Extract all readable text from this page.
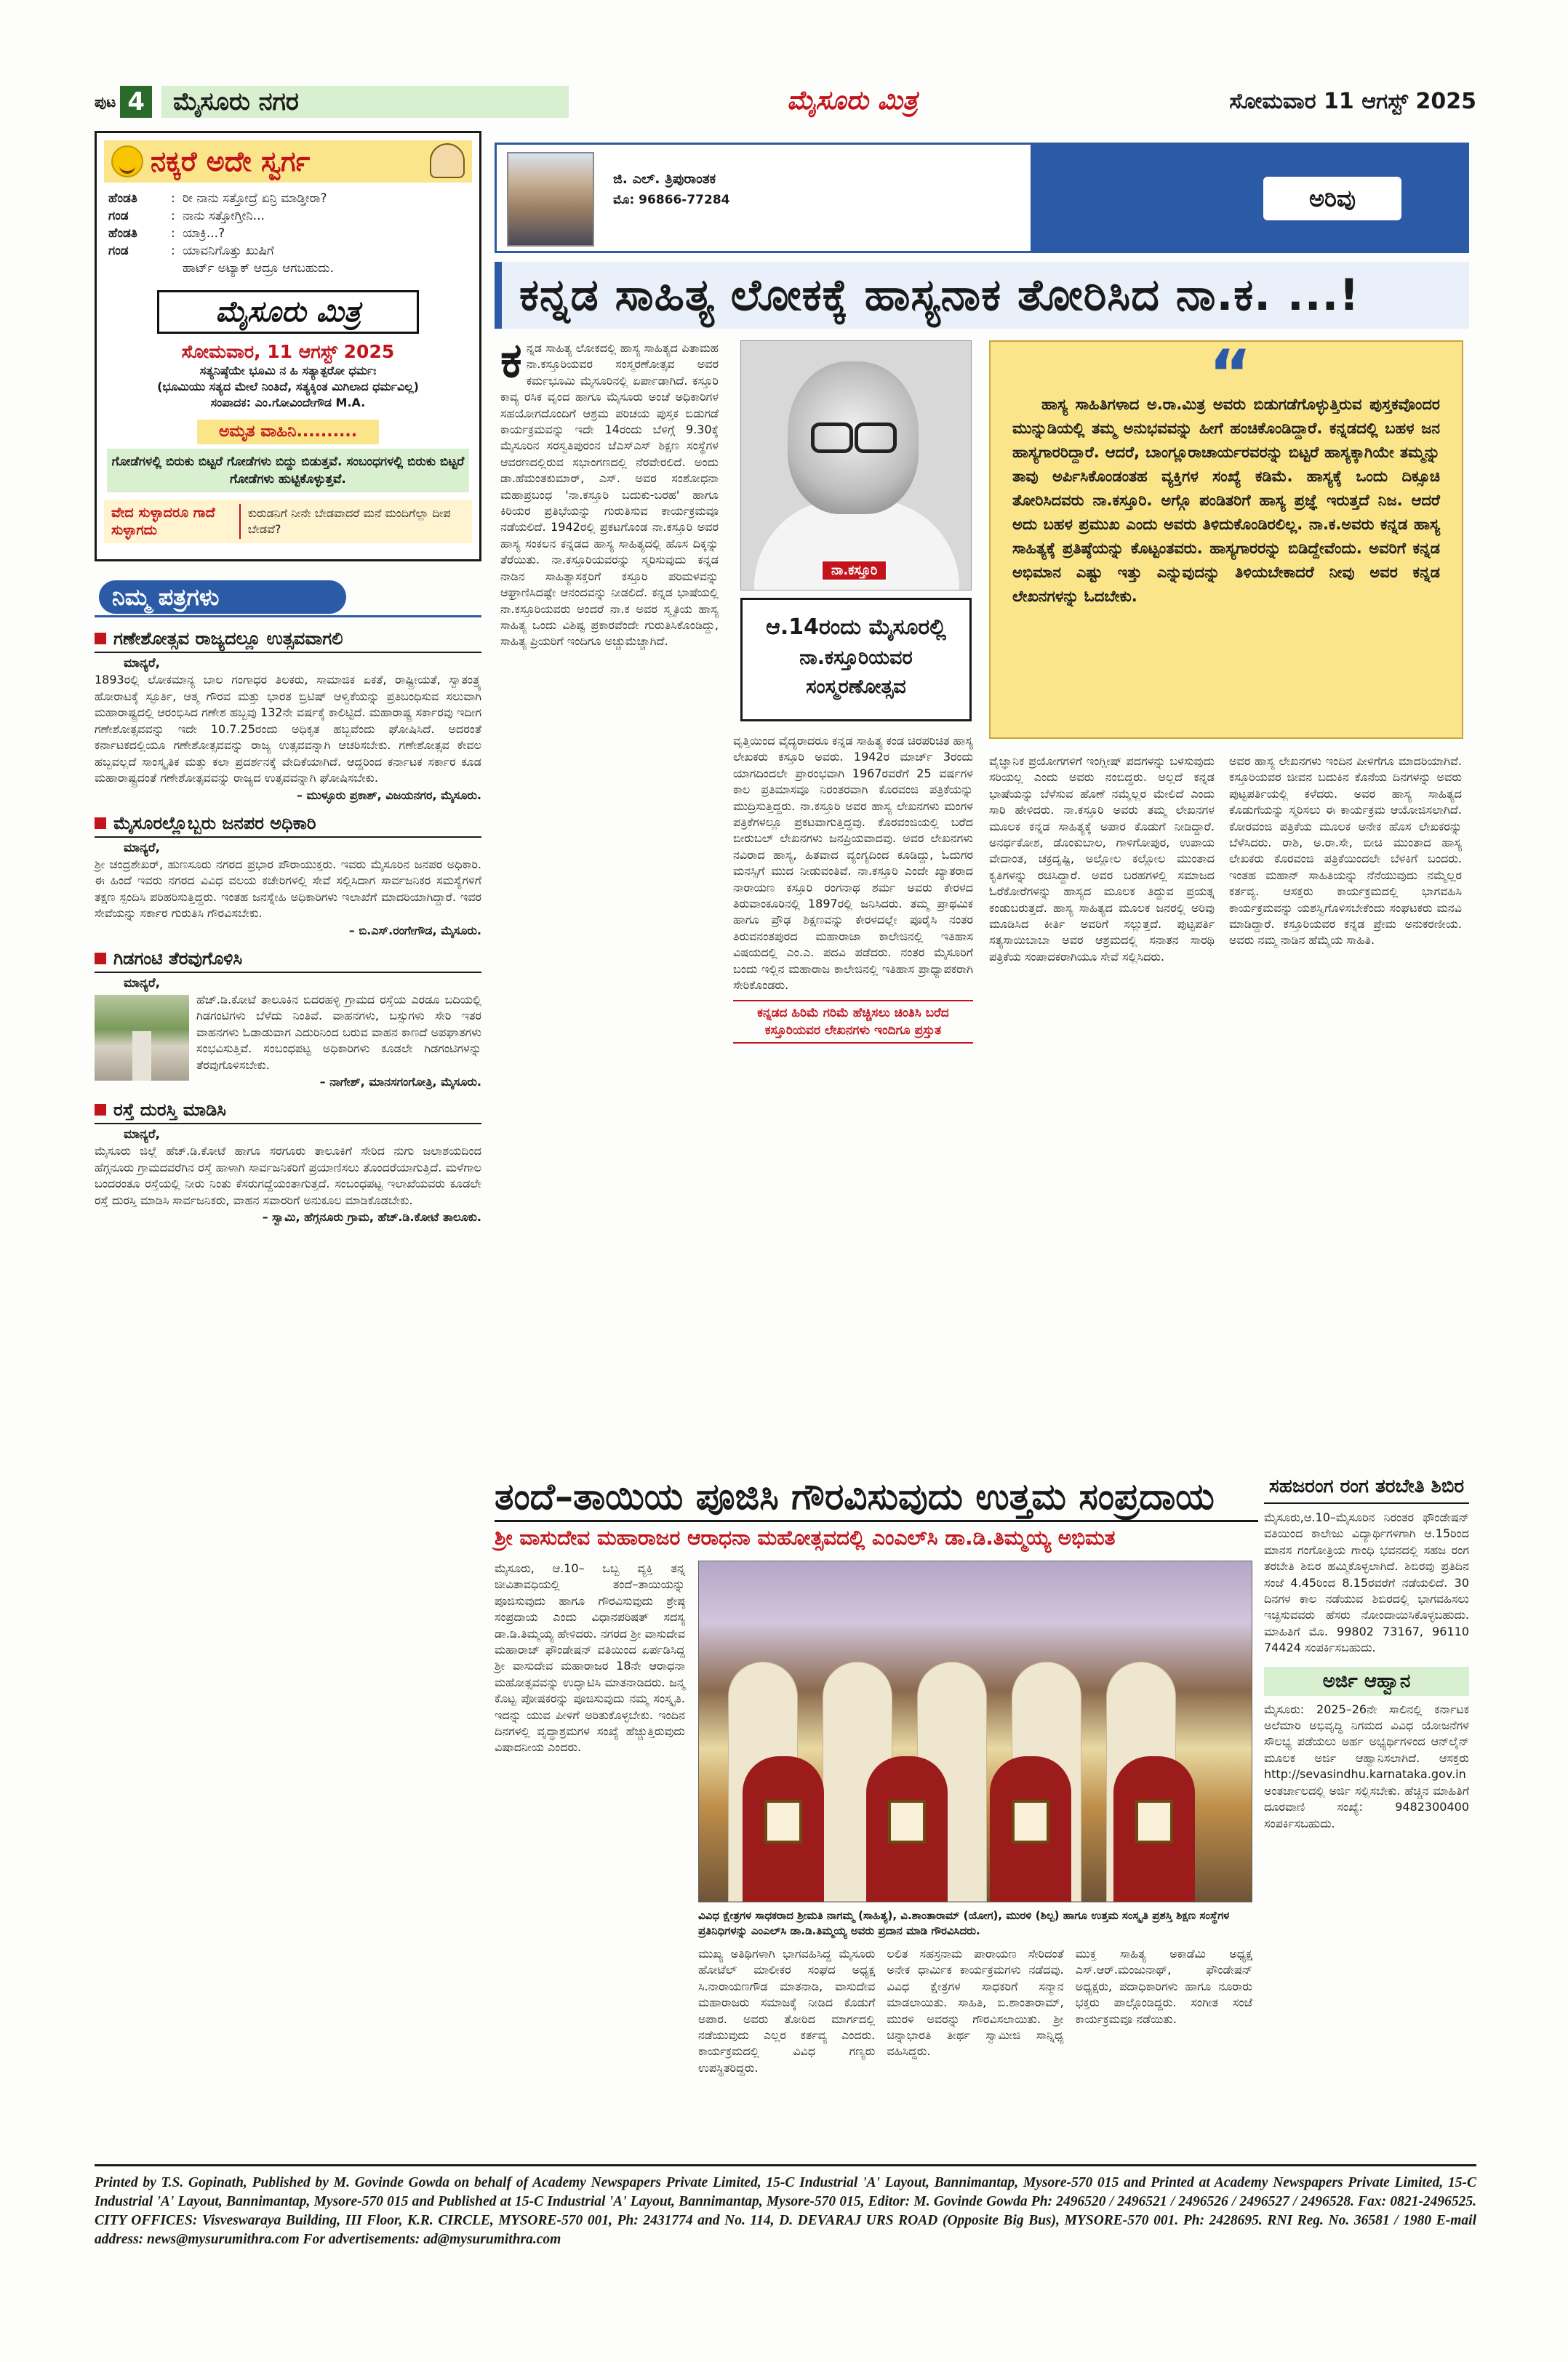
ಪುಟ 4	ಮೈಸೂರು ನಗರ	ಮೈಸೂರು ಮಿತ್ರ	ಸೋಮವಾರ 11 ಆಗಸ್ಟ್ 2025
ನಕ್ಕರೆ ಅದೇ ಸ್ವರ್ಗ
ಹೆಂಡತಿ	: ರೀ ನಾನು ಸತ್ತೋದ್ರೆ ಏನ್ರಿ ಮಾಡ್ತೀರಾ?
ಗಂಡ	: ನಾನು ಸತ್ತೋಗ್ತೀನಿ...
ಹೆಂಡತಿ	: ಯಾಕ್ರಿ...?
ಗಂಡ	: ಯಾವನಿಗೊತ್ತು ಖುಷಿಗೆ
ಹಾರ್ಟ್ ಅಟ್ಯಾಕ್ ಆದ್ರೂ ಆಗಬಹುದು.
ಮೈಸೂರು ಮಿತ್ರ
ಸೋಮವಾರ, 11 ಆಗಸ್ಟ್ 2025
ಸತ್ಯನಿಷ್ಠೆಯೇ ಭೂಮಿ ನ ಹಿ ಸತ್ಯಾತ್ಪರೋ ಧರ್ಮಃ
(ಭೂಮಿಯು ಸತ್ಯದ ಮೇಲೆ ನಿಂತಿದೆ, ಸತ್ಯಕ್ಕಿಂತ ಮಿಗಿಲಾದ ಧರ್ಮವಿಲ್ಲ)
ಸಂಪಾದಕ: ಎಂ.ಗೋವಿಂದೇಗೌಡ M.A.
ಅಮೃತ ವಾಹಿನಿ..........
ಗೋಡೆಗಳಲ್ಲಿ ಬಿರುಕು ಬಿಟ್ಟರೆ ಗೋಡೆಗಳು ಬಿದ್ದು ಬಿಡುತ್ತವೆ. ಸಂಬಂಧಗಳಲ್ಲಿ ಬಿರುಕು ಬಿಟ್ಟರೆ ಗೋಡೆಗಳು ಹುಟ್ಟಿಕೊಳ್ಳುತ್ತವೆ.
ವೇದ ಸುಳ್ಳಾದರೂ ಗಾದೆ ಸುಳ್ಳಾಗದು
ಕುರುಡನಿಗೆ ನೀನೇ ಬೇಡವಾದರೆ ಮನೆ ಮಂದಿಗೆಲ್ಲಾ ದೀಪ ಬೇಡವೆ?
ನಿಮ್ಮ ಪತ್ರಗಳು
ಗಣೇಶೋತ್ಸವ ರಾಜ್ಯದಲ್ಲೂ ಉತ್ಸವವಾಗಲಿ
ಮಾನ್ಯರೆ,
1893ರಲ್ಲಿ ಲೋಕಮಾನ್ಯ ಬಾಲ ಗಂಗಾಧರ ತಿಲಕರು, ಸಾಮಾಜಿಕ ಏಕತೆ, ರಾಷ್ಟ್ರೀಯತೆ, ಸ್ವಾತಂತ್ರ್ಯ ಹೋರಾಟಕ್ಕೆ ಸ್ಫೂರ್ತಿ, ಆತ್ಮ ಗೌರವ ಮತ್ತು ಭಾರತ ಬ್ರಿಟಿಷ್ ಆಳ್ವಿಕೆಯನ್ನು ಪ್ರತಿಬಂಧಿಸುವ ಸಲುವಾಗಿ ಮಹಾರಾಷ್ಟ್ರದಲ್ಲಿ ಆರಂಭಿಸಿದ ಗಣೇಶ ಹಬ್ಬವು 132ನೇ ವರ್ಷಕ್ಕೆ ಕಾಲಿಟ್ಟಿದೆ. ಮಹಾರಾಷ್ಟ್ರ ಸರ್ಕಾರವು ಇದೀಗ ಗಣೇಶೋತ್ಸವವನ್ನು ಇದೇ 10.7.25ರಂದು ಅಧಿಕೃತ ಹಬ್ಬವೆಂದು ಘೋಷಿಸಿದೆ. ಅದರಂತೆ ಕರ್ನಾಟಕದಲ್ಲಿಯೂ ಗಣೇಶೋತ್ಸವವನ್ನು ರಾಜ್ಯ ಉತ್ಸವವನ್ನಾಗಿ ಆಚರಿಸಬೇಕು. ಗಣೇಶೋತ್ಸವ ಕೇವಲ ಹಬ್ಬವಲ್ಲದೆ ಸಾಂಸ್ಕೃತಿಕ ಮತ್ತು ಕಲಾ ಪ್ರದರ್ಶನಕ್ಕೆ ವೇದಿಕೆಯಾಗಿದೆ. ಆದ್ದರಿಂದ ಕರ್ನಾಟಕ ಸರ್ಕಾರ ಕೂಡ ಮಹಾರಾಷ್ಟ್ರದಂತೆ ಗಣೇಶೋತ್ಸವವನ್ನು ರಾಜ್ಯದ ಉತ್ಸವವನ್ನಾಗಿ ಘೋಷಿಸಬೇಕು.
– ಮುಳ್ಳೂರು ಪ್ರಕಾಶ್, ವಿಜಯನಗರ, ಮೈಸೂರು.
ಮೈಸೂರಲ್ಲೊಬ್ಬರು ಜನಪರ ಅಧಿಕಾರಿ
ಮಾನ್ಯರೆ,
ಶ್ರೀ ಚಂದ್ರಶೇಖರ್, ಹುಣಸೂರು ನಗರದ ಪ್ರಭಾರ ಪೌರಾಯುಕ್ತರು. ಇವರು ಮೈಸೂರಿನ ಜನಪರ ಅಧಿಕಾರಿ. ಈ ಹಿಂದೆ ಇವರು ನಗರದ ವಿವಿಧ ವಲಯ ಕಚೇರಿಗಳಲ್ಲಿ ಸೇವೆ ಸಲ್ಲಿಸಿದಾಗ ಸಾರ್ವಜನಿಕರ ಸಮಸ್ಯೆಗಳಿಗೆ ತಕ್ಷಣ ಸ್ಪಂದಿಸಿ ಪರಿಹರಿಸುತ್ತಿದ್ದರು. ಇಂತಹ ಜನಸ್ನೇಹಿ ಅಧಿಕಾರಿಗಳು ಇಲಾಖೆಗೆ ಮಾದರಿಯಾಗಿದ್ದಾರೆ. ಇವರ ಸೇವೆಯನ್ನು ಸರ್ಕಾರ ಗುರುತಿಸಿ ಗೌರವಿಸಬೇಕು.
– ಬಿ.ಎಸ್.ರಂಗೇಗೌಡ, ಮೈಸೂರು.
ಗಿಡಗಂಟಿ ತೆರವುಗೊಳಿಸಿ
ಮಾನ್ಯರೆ,
ಹೆಚ್.ಡಿ.ಕೋಟೆ ತಾಲೂಕಿನ ಬಿದರಹಳ್ಳಿ ಗ್ರಾಮದ ರಸ್ತೆಯ ಎರಡೂ ಬದಿಯಲ್ಲಿ ಗಿಡಗಂಟಿಗಳು ಬೆಳೆದು ನಿಂತಿವೆ. ವಾಹನಗಳು, ಬಸ್ಸುಗಳು ಸೇರಿ ಇತರ ವಾಹನಗಳು ಓಡಾಡುವಾಗ ಎದುರಿನಿಂದ ಬರುವ ವಾಹನ ಕಾಣದೆ ಅಪಘಾತಗಳು ಸಂಭವಿಸುತ್ತಿವೆ. ಸಂಬಂಧಪಟ್ಟ ಅಧಿಕಾರಿಗಳು ಕೂಡಲೇ ಗಿಡಗಂಟಿಗಳನ್ನು ತೆರವುಗೊಳಿಸಬೇಕು.
– ನಾಗೇಶ್, ಮಾನಸಗಂಗೋತ್ರಿ, ಮೈಸೂರು.
ರಸ್ತೆ ದುರಸ್ತಿ ಮಾಡಿಸಿ
ಮಾನ್ಯರೆ,
ಮೈಸೂರು ಜಿಲ್ಲೆ ಹೆಚ್.ಡಿ.ಕೋಟೆ ಹಾಗೂ ಸರಗೂರು ತಾಲೂಕಿಗೆ ಸೇರಿದ ನುಗು ಜಲಾಶಯದಿಂದ ಹೆಗ್ಗನೂರು ಗ್ರಾಮದವರೆಗಿನ ರಸ್ತೆ ಹಾಳಾಗಿ ಸಾರ್ವಜನಿಕರಿಗೆ ಪ್ರಯಾಣಿಸಲು ತೊಂದರೆಯಾಗುತ್ತಿದೆ. ಮಳೆಗಾಲ ಬಂದರಂತೂ ರಸ್ತೆಯಲ್ಲಿ ನೀರು ನಿಂತು ಕೆಸರುಗದ್ದೆಯಂತಾಗುತ್ತದೆ. ಸಂಬಂಧಪಟ್ಟ ಇಲಾಖೆಯವರು ಕೂಡಲೇ ರಸ್ತೆ ದುರಸ್ತಿ ಮಾಡಿಸಿ ಸಾರ್ವಜನಿಕರು, ವಾಹನ ಸವಾರರಿಗೆ ಅನುಕೂಲ ಮಾಡಿಕೊಡಬೇಕು.
– ಸ್ವಾಮಿ, ಹೆಗ್ಗನೂರು ಗ್ರಾಮ, ಹೆಚ್.ಡಿ.ಕೋಟೆ ತಾಲೂಕು.
ಜಿ. ಎಲ್. ತ್ರಿಪುರಾಂತಕ
ಮೊ: 96866-77284	ಅರಿವು
ಕನ್ನಡ ಸಾಹಿತ್ಯ ಲೋಕಕ್ಕೆ ಹಾಸ್ಯನಾಕ ತೋರಿಸಿದ ನಾ.ಕ. ...!
ಕನ್ನಡ ಸಾಹಿತ್ಯ ಲೋಕದಲ್ಲಿ ಹಾಸ್ಯ ಸಾಹಿತ್ಯದ ಪಿತಾಮಹ ನಾ.ಕಸ್ತೂರಿಯವರ ಸಂಸ್ಮರಣೋತ್ಸವ ಅವರ ಕರ್ಮಭೂಮಿ ಮೈಸೂರಿನಲ್ಲಿ ಏರ್ಪಾಡಾಗಿದೆ. ಕಸ್ತೂರಿ ಕಾವ್ಯ ರಸಿಕ ವೃಂದ ಹಾಗೂ ಮೈಸೂರು ಅಂಚೆ ಅಧಿಕಾರಿಗಳ ಸಹಯೋಗದೊಂದಿಗೆ ಆಶ್ರಮ ಪರಿಚಯ ಪುಸ್ತಕ ಬಿಡುಗಡೆ ಕಾರ್ಯಕ್ರಮವನ್ನು ಇದೇ 14ರಂದು ಬೆಳಿಗ್ಗೆ 9.30ಕ್ಕೆ ಮೈಸೂರಿನ ಸರಸ್ವತಿಪುರಂನ ಜೆಎಸ್‌ಎಸ್ ಶಿಕ್ಷಣ ಸಂಸ್ಥೆಗಳ ಆವರಣದಲ್ಲಿರುವ ಸಭಾಂಗಣದಲ್ಲಿ ನೆರವೇರಲಿದೆ. ಅಂದು ಡಾ.ಹೆಮಂತಕುಮಾರ್, ಎಸ್. ಅವರ ಸಂಶೋಧನಾ ಮಹಾಪ್ರಬಂಧ 'ನಾ.ಕಸ್ತೂರಿ ಬದುಕು-ಬರಹ' ಹಾಗೂ ಕಿರಿಯರ ಪ್ರತಿಭೆಯನ್ನು ಗುರುತಿಸುವ ಕಾರ್ಯಕ್ರಮವೂ ನಡೆಯಲಿದೆ. 1942ರಲ್ಲಿ ಪ್ರಕಟಗೊಂಡ ನಾ.ಕಸ್ತೂರಿ ಅವರ ಹಾಸ್ಯ ಸಂಕಲನ ಕನ್ನಡದ ಹಾಸ್ಯ ಸಾಹಿತ್ಯದಲ್ಲಿ ಹೊಸ ದಿಕ್ಕನ್ನು ತೆರೆಯಿತು. ನಾ.ಕಸ್ತೂರಿಯವರನ್ನು ಸ್ಮರಿಸುವುದು ಕನ್ನಡ ನಾಡಿನ ಸಾಹಿತ್ಯಾಸಕ್ತರಿಗೆ ಕಸ್ತೂರಿ ಪರಿಮಳವನ್ನು ಆಘ್ರಾಣಿಸಿದಷ್ಟೇ ಆನಂದವನ್ನು ನೀಡಲಿದೆ. ಕನ್ನಡ ಭಾಷೆಯಲ್ಲಿ ನಾ.ಕಸ್ತೂರಿಯವರು ಅಂದರೆ ನಾ.ಕ ಅವರ ಸ್ಮೃತಿಯ ಹಾಸ್ಯ ಸಾಹಿತ್ಯ ಒಂದು ವಿಶಿಷ್ಟ ಪ್ರಕಾರವೆಂದೇ ಗುರುತಿಸಿಕೊಂಡಿದ್ದು, ಸಾಹಿತ್ಯ ಪ್ರಿಯರಿಗೆ ಇಂದಿಗೂ ಅಚ್ಚುಮೆಚ್ಚಾಗಿದೆ.
ನಾ.ಕಸ್ತೂರಿ
ಆ.14ರಂದು ಮೈಸೂರಲ್ಲಿ
ನಾ.ಕಸ್ತೂರಿಯವರ
ಸಂಸ್ಮರಣೋತ್ಸವ
“
ಹಾಸ್ಯ ಸಾಹಿತಿಗಳಾದ ಅ.ರಾ.ಮಿತ್ರ ಅವರು ಬಿಡುಗಡೆಗೊಳ್ಳುತ್ತಿರುವ ಪುಸ್ತಕವೊಂದರ ಮುನ್ನುಡಿಯಲ್ಲಿ ತಮ್ಮ ಅನುಭವವನ್ನು ಹೀಗೆ ಹಂಚಿಕೊಂಡಿದ್ದಾರೆ. ಕನ್ನಡದಲ್ಲಿ ಬಹಳ ಜನ ಹಾಸ್ಯಗಾರರಿದ್ದಾರೆ. ಆದರೆ, ಬಾಂಗ್ಲೂರಾಚಾರ್ಯರವರನ್ನು ಬಿಟ್ಟರೆ ಹಾಸ್ಯಕ್ಕಾಗಿಯೇ ತಮ್ಮನ್ನು ತಾವು ಅರ್ಪಿಸಿಕೊಂಡಂತಹ ವ್ಯಕ್ತಿಗಳ ಸಂಖ್ಯೆ ಕಡಿಮೆ. ಹಾಸ್ಯಕ್ಕೆ ಒಂದು ದಿಕ್ಸೂಚಿ ತೋರಿಸಿದವರು ನಾ.ಕಸ್ತೂರಿ. ಅಗ್ಗೊ ಪಂಡಿತರಿಗೆ ಹಾಸ್ಯ ಪ್ರಜ್ಞೆ ಇರುತ್ತದೆ ನಿಜ. ಆದರೆ ಅದು ಬಹಳ ಪ್ರಮುಖ ಎಂದು ಅವರು ತಿಳಿದುಕೊಂಡಿರಲಿಲ್ಲ. ನಾ.ಕ.ಅವರು ಕನ್ನಡ ಹಾಸ್ಯ ಸಾಹಿತ್ಯಕ್ಕೆ ಪ್ರತಿಷ್ಠೆಯನ್ನು ಕೊಟ್ಟಂತವರು. ಹಾಸ್ಯಗಾರರನ್ನು ಬಿಡಿದ್ದೇವೆಂದು. ಅವರಿಗೆ ಕನ್ನಡ ಅಭಿಮಾನ ಎಷ್ಟು ಇತ್ತು ಎನ್ನುವುದನ್ನು ತಿಳಿಯಬೇಕಾದರೆ ನೀವು ಅವರ ಕನ್ನಡ ಲೇಖನಗಳನ್ನು ಓದಬೇಕು.
ವೃತ್ತಿಯಿಂದ ವೈದ್ಯರಾದರೂ ಕನ್ನಡ ಸಾಹಿತ್ಯ ಕಂಡ ಚಿರಪರಿಚಿತ ಹಾಸ್ಯ ಲೇಖಕರು ಕಸ್ತೂರಿ ಅವರು. 1942ರ ಮಾರ್ಚ್ 3ರಂದು ಯಾಗದಿಂದಲೇ ಪ್ರಾರಂಭವಾಗಿ 1967ರವರೆಗೆ 25 ವರ್ಷಗಳ ಕಾಲ ಪ್ರತಿಮಾಸವೂ ನಿರಂತರವಾಗಿ ಕೊರವಂಜಿ ಪತ್ರಿಕೆಯನ್ನು ಮುದ್ರಿಸುತ್ತಿದ್ದರು. ನಾ.ಕಸ್ತೂರಿ ಅವರ ಹಾಸ್ಯ ಲೇಖನಗಳು ಮಂಗಳ ಪತ್ರಿಕೆಗಳಲ್ಲೂ ಪ್ರಕಟವಾಗುತ್ತಿದ್ದವು. ಕೊರವಂಜಿಯಲ್ಲಿ ಬರೆದ ಬೀರುಬಲ್ ಲೇಖನಗಳು ಜನಪ್ರಿಯವಾದವು. ಅವರ ಲೇಖನಗಳು ನವಿರಾದ ಹಾಸ್ಯ, ಹಿತವಾದ ವ್ಯಂಗ್ಯದಿಂದ ಕೂಡಿದ್ದು, ಓದುಗರ ಮನಸ್ಸಿಗೆ ಮುದ ನೀಡುವಂತಿವೆ. ನಾ.ಕಸ್ತೂರಿ ಎಂದೇ ಖ್ಯಾತರಾದ ನಾರಾಯಣ ಕಸ್ತೂರಿ ರಂಗನಾಥ ಶರ್ಮ ಅವರು ಕೇರಳದ ತಿರುವಾಂಕೂರಿನಲ್ಲಿ 1897ರಲ್ಲಿ ಜನಿಸಿದರು. ತಮ್ಮ ಪ್ರಾಥಮಿಕ ಹಾಗೂ ಪ್ರೌಢ ಶಿಕ್ಷಣವನ್ನು ಕೇರಳದಲ್ಲೇ ಪೂರೈಸಿ ನಂತರ ತಿರುವನಂತಪುರದ ಮಹಾರಾಜಾ ಕಾಲೇಜಿನಲ್ಲಿ ಇತಿಹಾಸ ವಿಷಯದಲ್ಲಿ ಎಂ.ಎ. ಪದವಿ ಪಡೆದರು. ನಂತರ ಮೈಸೂರಿಗೆ ಬಂದು ಇಲ್ಲಿನ ಮಹಾರಾಜ ಕಾಲೇಜಿನಲ್ಲಿ ಇತಿಹಾಸ ಪ್ರಾಧ್ಯಾಪಕರಾಗಿ ಸೇರಿಕೊಂಡರು.
ಕನ್ನಡದ ಹಿರಿಮೆ ಗರಿಮೆ ಹೆಚ್ಚಿಸಲು ಚಿಂತಿಸಿ ಬರೆದ ಕಸ್ತೂರಿಯವರ ಲೇಖನಗಳು ಇಂದಿಗೂ ಪ್ರಸ್ತುತ
ವೈಜ್ಞಾನಿಕ ಪ್ರಯೋಗಗಳಿಗೆ ಇಂಗ್ಲೀಷ್ ಪದಗಳನ್ನು ಬಳಸುವುದು ಸರಿಯಲ್ಲ ಎಂದು ಅವರು ನಂಬಿದ್ದರು. ಅಲ್ಲದೆ ಕನ್ನಡ ಭಾಷೆಯನ್ನು ಬೆಳೆಸುವ ಹೊಣೆ ನಮ್ಮೆಲ್ಲರ ಮೇಲಿದೆ ಎಂದು ಸಾರಿ ಹೇಳಿದರು. ನಾ.ಕಸ್ತೂರಿ ಅವರು ತಮ್ಮ ಲೇಖನಗಳ ಮೂಲಕ ಕನ್ನಡ ಸಾಹಿತ್ಯಕ್ಕೆ ಅಪಾರ ಕೊಡುಗೆ ನೀಡಿದ್ದಾರೆ. ಅನರ್ಥಕೋಶ, ಡೊಂಕುಬಾಲ, ಗಾಳಿಗೋಪುರ, ಉಪಾಯ ವೇದಾಂತ, ಚಕ್ರದೃಷ್ಟಿ, ಅಲ್ಲೋಲ ಕಲ್ಲೋಲ ಮುಂತಾದ ಕೃತಿಗಳನ್ನು ರಚಿಸಿದ್ದಾರೆ. ಅವರ ಬರಹಗಳಲ್ಲಿ ಸಮಾಜದ ಓರೆಕೋರೆಗಳನ್ನು ಹಾಸ್ಯದ ಮೂಲಕ ತಿದ್ದುವ ಪ್ರಯತ್ನ ಕಂಡುಬರುತ್ತದೆ. ಹಾಸ್ಯ ಸಾಹಿತ್ಯದ ಮೂಲಕ ಜನರಲ್ಲಿ ಅರಿವು ಮೂಡಿಸಿದ ಕೀರ್ತಿ ಅವರಿಗೆ ಸಲ್ಲುತ್ತದೆ. ಪುಟ್ಟಪರ್ತಿ ಸತ್ಯಸಾಯಿಬಾಬಾ ಅವರ ಆಶ್ರಮದಲ್ಲಿ ಸನಾತನ ಸಾರಥಿ ಪತ್ರಿಕೆಯ ಸಂಪಾದಕರಾಗಿಯೂ ಸೇವೆ ಸಲ್ಲಿಸಿದರು.
ಅವರ ಹಾಸ್ಯ ಲೇಖನಗಳು ಇಂದಿನ ಪೀಳಿಗೆಗೂ ಮಾದರಿಯಾಗಿವೆ. ಕಸ್ತೂರಿಯವರ ಜೀವನ ಬದುಕಿನ ಕೊನೆಯ ದಿನಗಳನ್ನು ಅವರು ಪುಟ್ಟಪರ್ತಿಯಲ್ಲಿ ಕಳೆದರು. ಅವರ ಹಾಸ್ಯ ಸಾಹಿತ್ಯದ ಕೊಡುಗೆಯನ್ನು ಸ್ಮರಿಸಲು ಈ ಕಾರ್ಯಕ್ರಮ ಆಯೋಜಿಸಲಾಗಿದೆ. ಕೋರವಂಜಿ ಪತ್ರಿಕೆಯ ಮೂಲಕ ಅನೇಕ ಹೊಸ ಲೇಖಕರನ್ನು ಬೆಳೆಸಿದರು. ರಾಶಿ, ಅ.ರಾ.ಸೇ, ಬೀಚಿ ಮುಂತಾದ ಹಾಸ್ಯ ಲೇಖಕರು ಕೊರವಂಜಿ ಪತ್ರಿಕೆಯಿಂದಲೇ ಬೆಳಕಿಗೆ ಬಂದರು. ಇಂತಹ ಮಹಾನ್ ಸಾಹಿತಿಯನ್ನು ನೆನೆಯುವುದು ನಮ್ಮೆಲ್ಲರ ಕರ್ತವ್ಯ. ಆಸಕ್ತರು ಕಾರ್ಯಕ್ರಮದಲ್ಲಿ ಭಾಗವಹಿಸಿ ಕಾರ್ಯಕ್ರಮವನ್ನು ಯಶಸ್ವಿಗೊಳಿಸಬೇಕೆಂದು ಸಂಘಟಕರು ಮನವಿ ಮಾಡಿದ್ದಾರೆ. ಕಸ್ತೂರಿಯವರ ಕನ್ನಡ ಪ್ರೇಮ ಅನುಕರಣೀಯ. ಅವರು ನಮ್ಮ ನಾಡಿನ ಹೆಮ್ಮೆಯ ಸಾಹಿತಿ.
ತಂದೆ–ತಾಯಿಯ ಪೂಜಿಸಿ ಗೌರವಿಸುವುದು ಉತ್ತಮ ಸಂಪ್ರದಾಯ
ಶ್ರೀ ವಾಸುದೇವ ಮಹಾರಾಜರ ಆರಾಧನಾ ಮಹೋತ್ಸವದಲ್ಲಿ ಎಂಎಲ್‌ಸಿ ಡಾ.ಡಿ.ತಿಮ್ಮಯ್ಯ ಅಭಿಮತ
ಮೈಸೂರು, ಆ.10– ಒಬ್ಬ ವ್ಯಕ್ತಿ ತನ್ನ ಜೀವಿತಾವಧಿಯಲ್ಲಿ ತಂದೆ–ತಾಯಿಯನ್ನು ಪೂಜಿಸುವುದು ಹಾಗೂ ಗೌರವಿಸುವುದು ಶ್ರೇಷ್ಠ ಸಂಪ್ರದಾಯ ಎಂದು ವಿಧಾನಪರಿಷತ್ ಸದಸ್ಯ ಡಾ.ಡಿ.ತಿಮ್ಮಯ್ಯ ಹೇಳಿದರು. ನಗರದ ಶ್ರೀ ವಾಸುದೇವ ಮಹಾರಾಜ್ ಫೌಂಡೇಷನ್ ವತಿಯಿಂದ ಏರ್ಪಡಿಸಿದ್ದ ಶ್ರೀ ವಾಸುದೇವ ಮಹಾರಾಜರ 18ನೇ ಆರಾಧನಾ ಮಹೋತ್ಸವವನ್ನು ಉದ್ಘಾಟಿಸಿ ಮಾತನಾಡಿದರು. ಜನ್ಮ ಕೊಟ್ಟ ಪೋಷಕರನ್ನು ಪೂಜಿಸುವುದು ನಮ್ಮ ಸಂಸ್ಕೃತಿ. ಇದನ್ನು ಯುವ ಪೀಳಿಗೆ ಅರಿತುಕೊಳ್ಳಬೇಕು. ಇಂದಿನ ದಿನಗಳಲ್ಲಿ ವೃದ್ಧಾಶ್ರಮಗಳ ಸಂಖ್ಯೆ ಹೆಚ್ಚುತ್ತಿರುವುದು ವಿಷಾದನೀಯ ಎಂದರು.
ವಿವಿಧ ಕ್ಷೇತ್ರಗಳ ಸಾಧಕರಾದ ಶ್ರೀಮತಿ ನಾಗಮ್ಮ (ಸಾಹಿತ್ಯ), ವಿ.ಶಾಂತಾರಾಮ್ (ಯೋಗ), ಮುರಳಿ (ಶಿಲ್ಪ) ಹಾಗೂ ಉತ್ತಮ ಸಂಸ್ಕೃತಿ ಪ್ರಶಸ್ತಿ ಶಿಕ್ಷಣ ಸಂಸ್ಥೆಗಳ ಪ್ರತಿನಿಧಿಗಳನ್ನು ಎಂಎಲ್‌ಸಿ ಡಾ.ಡಿ.ತಿಮ್ಮಯ್ಯ ಅವರು ಪ್ರದಾನ ಮಾಡಿ ಗೌರವಿಸಿದರು.
ಮುಖ್ಯ ಅತಿಥಿಗಳಾಗಿ ಭಾಗವಹಿಸಿದ್ದ ಮೈಸೂರು ಹೋಟೆಲ್ ಮಾಲೀಕರ ಸಂಘದ ಅಧ್ಯಕ್ಷ ಸಿ.ನಾರಾಯಣಗೌಡ ಮಾತನಾಡಿ, ವಾಸುದೇವ ಮಹಾರಾಜರು ಸಮಾಜಕ್ಕೆ ನೀಡಿದ ಕೊಡುಗೆ ಅಪಾರ. ಅವರು ತೋರಿದ ಮಾರ್ಗದಲ್ಲಿ ನಡೆಯುವುದು ಎಲ್ಲರ ಕರ್ತವ್ಯ ಎಂದರು. ಕಾರ್ಯಕ್ರಮದಲ್ಲಿ ವಿವಿಧ ಗಣ್ಯರು ಉಪಸ್ಥಿತರಿದ್ದರು.
ಲಲಿತ ಸಹಸ್ರನಾಮ ಪಾರಾಯಣ ಸೇರಿದಂತೆ ಅನೇಕ ಧಾರ್ಮಿಕ ಕಾರ್ಯಕ್ರಮಗಳು ನಡೆದವು. ವಿವಿಧ ಕ್ಷೇತ್ರಗಳ ಸಾಧಕರಿಗೆ ಸನ್ಮಾನ ಮಾಡಲಾಯಿತು. ಸಾಹಿತಿ, ಬಿ.ಶಾಂತಾರಾಮ್, ಮುರಳಿ ಅವರನ್ನು ಗೌರವಿಸಲಾಯಿತು. ಶ್ರೀ ಚಿನ್ನಾಭಾರತಿ ತೀರ್ಥ ಸ್ವಾಮೀಜಿ ಸಾನ್ನಿಧ್ಯ ವಹಿಸಿದ್ದರು.
ಮುಕ್ತ ಸಾಹಿತ್ಯ ಅಕಾಡೆಮಿ ಅಧ್ಯಕ್ಷ ಎಸ್.ಆರ್.ಮಂಜುನಾಥ್, ಫೌಂಡೇಷನ್ ಅಧ್ಯಕ್ಷರು, ಪದಾಧಿಕಾರಿಗಳು ಹಾಗೂ ನೂರಾರು ಭಕ್ತರು ಪಾಲ್ಗೊಂಡಿದ್ದರು. ಸಂಗೀತ ಸಂಜೆ ಕಾರ್ಯಕ್ರಮವೂ ನಡೆಯಿತು.
ಸಹಜರಂಗ ರಂಗ ತರಬೇತಿ ಶಿಬಿರ
ಮೈಸೂರು,ಆ.10–ಮೈಸೂರಿನ ನಿರಂತರ ಫೌಂಡೇಷನ್ ವತಿಯಿಂದ ಕಾಲೇಜು ವಿದ್ಯಾರ್ಥಿಗಳಿಗಾಗಿ ಆ.15ರಿಂದ ಮಾನಸ ಗಂಗೋತ್ರಿಯ ಗಾಂಧಿ ಭವನದಲ್ಲಿ ಸಹಜ ರಂಗ ತರಬೇತಿ ಶಿಬಿರ ಹಮ್ಮಿಕೊಳ್ಳಲಾಗಿದೆ. ಶಿಬಿರವು ಪ್ರತಿದಿನ ಸಂಜೆ 4.45ರಿಂದ 8.15ರವರೆಗೆ ನಡೆಯಲಿದೆ. 30 ದಿನಗಳ ಕಾಲ ನಡೆಯುವ ಶಿಬಿರದಲ್ಲಿ ಭಾಗವಹಿಸಲು ಇಚ್ಛಿಸುವವರು ಹೆಸರು ನೋಂದಾಯಿಸಿಕೊಳ್ಳಬಹುದು. ಮಾಹಿತಿಗೆ ಮೊ. 99802 73167, 96110 74424 ಸಂಪರ್ಕಿಸಬಹುದು.
ಅರ್ಜಿ ಆಹ್ವಾನ
ಮೈಸೂರು: 2025–26ನೇ ಸಾಲಿನಲ್ಲಿ ಕರ್ನಾಟಕ ಅಲೆಮಾರಿ ಅಭಿವೃದ್ಧಿ ನಿಗಮದ ವಿವಿಧ ಯೋಜನೆಗಳ ಸೌಲಭ್ಯ ಪಡೆಯಲು ಅರ್ಹ ಅಭ್ಯರ್ಥಿಗಳಿಂದ ಆನ್‌ಲೈನ್ ಮೂಲಕ ಅರ್ಜಿ ಆಹ್ವಾನಿಸಲಾಗಿದೆ. ಆಸಕ್ತರು http://sevasindhu.karnataka.gov.in ಅಂತರ್ಜಾಲದಲ್ಲಿ ಅರ್ಜಿ ಸಲ್ಲಿಸಬೇಕು. ಹೆಚ್ಚಿನ ಮಾಹಿತಿಗೆ ದೂರವಾಣಿ ಸಂಖ್ಯೆ: 9482300400 ಸಂಪರ್ಕಿಸಬಹುದು.
Printed by T.S. Gopinath, Published by M. Govinde Gowda on behalf of Academy Newspapers Private Limited, 15-C Industrial 'A' Layout, Bannimantap, Mysore-570 015 and Printed at Academy Newspapers Private Limited, 15-C Industrial 'A' Layout, Bannimantap, Mysore-570 015 and Published at 15-C Industrial 'A' Layout, Bannimantap, Mysore-570 015, Editor: M. Govinde Gowda Ph: 2496520 / 2496521 / 2496526 / 2496527 / 2496528. Fax: 0821-2496525. CITY OFFICES: Visveswaraya Building, III Floor, K.R. CIRCLE, MYSORE-570 001, Ph: 2431774 and No. 114, D. DEVARAJ URS ROAD (Opposite Big Bus), MYSORE-570 001. Ph: 2428695. RNI Reg. No. 36581 / 1980 E-mail address: news@mysurumithra.com For advertisements: ad@mysurumithra.com
